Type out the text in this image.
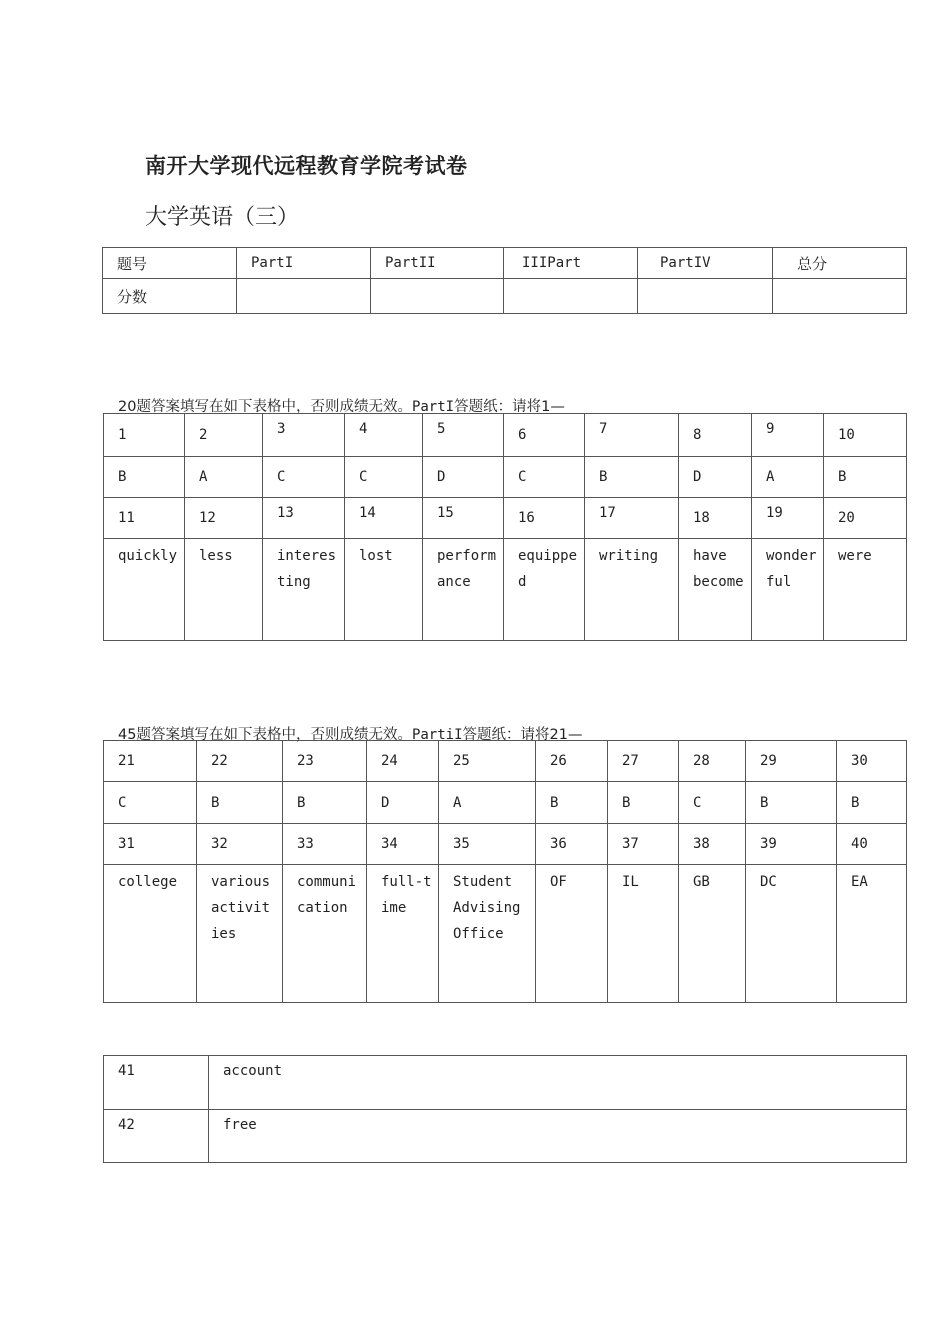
南开大学现代远程教育学院考试卷
大学英语（三）
题号	PartI	PartII	IIIPart	PartIV	总分
分数					
20题答案填写在如下表格中，否则成绩无效。PartI答题纸：请将1—
1	2	3	4	5	6	7	8	9	10
B	A	C	C	D	C	B	D	A	B
11	12	13	14	15	16	17	18	19	20
quickly	less	interes ting	lost	perform ance	equippe d	writing	have become	wonder ful	were
45题答案填写在如下表格中，否则成绩无效。PartiI答题纸：请将21—
21	22	23	24	25	26	27	28	29	30
C	B	B	D	A	B	B	C	B	B
31	32	33	34	35	36	37	38	39	40
college	various activit ies	communi cation	full-t ime	Student Advising Office	OF	IL	GB	DC	EA
41	account
42	free
